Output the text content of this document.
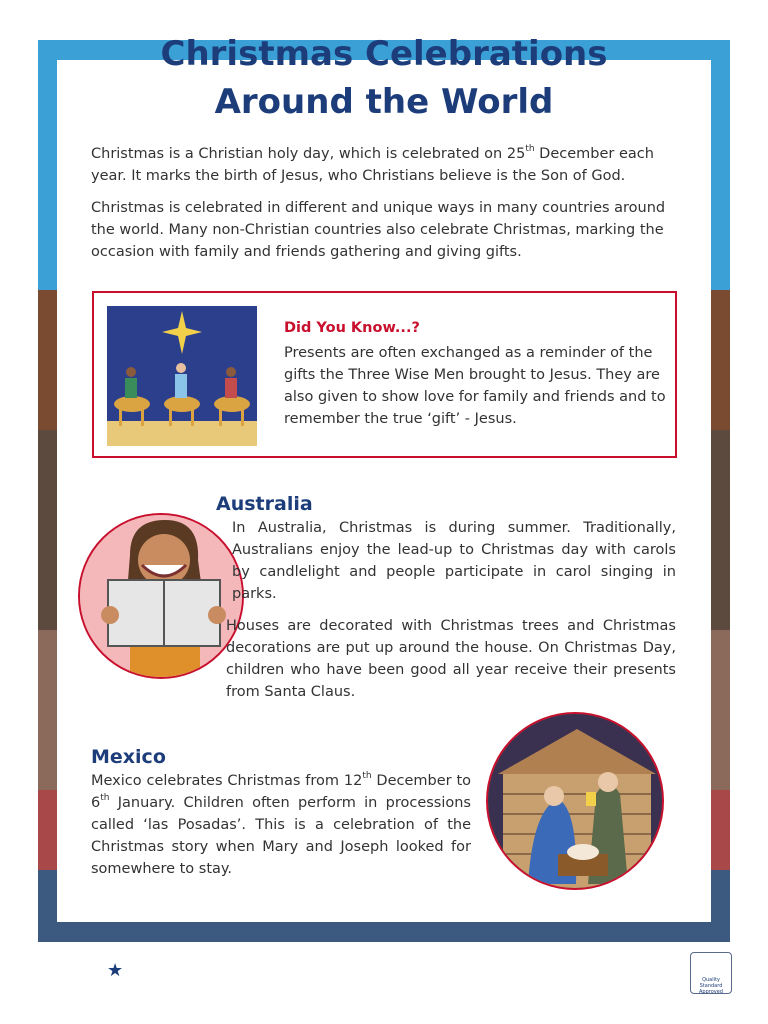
Christmas Celebrations
Around the World

Christmas is a Christian holy day, which is celebrated on 25th December each year. It marks the birth of Jesus, who Christians believe is the Son of God.

Christmas is celebrated in different and unique ways in many countries around the world. Many non-Christian countries also celebrate Christmas, marking the occasion with family and friends gathering and giving gifts.

Did You Know...?

Presents are often exchanged as a reminder of the gifts the Three Wise Men brought to Jesus. They are also given to show love for family and friends and to remember the true ‘gift’ - Jesus.

Australia

In Australia, Christmas is during summer. Traditionally, Australians enjoy the lead-up to Christmas day with carols by candlelight and people participate in carol singing in parks.

Houses are decorated with Christmas trees and Christmas decorations are put up around the house. On Christmas Day, children who have been good all year receive their presents from Santa Claus.

Mexico

Mexico celebrates Christmas from 12th December to 6th January. Children often perform in processions called ‘las Posadas’. This is a celebration of the Christmas story when Mary and Joseph looked for somewhere to stay.

★	Quality Standard Approved
